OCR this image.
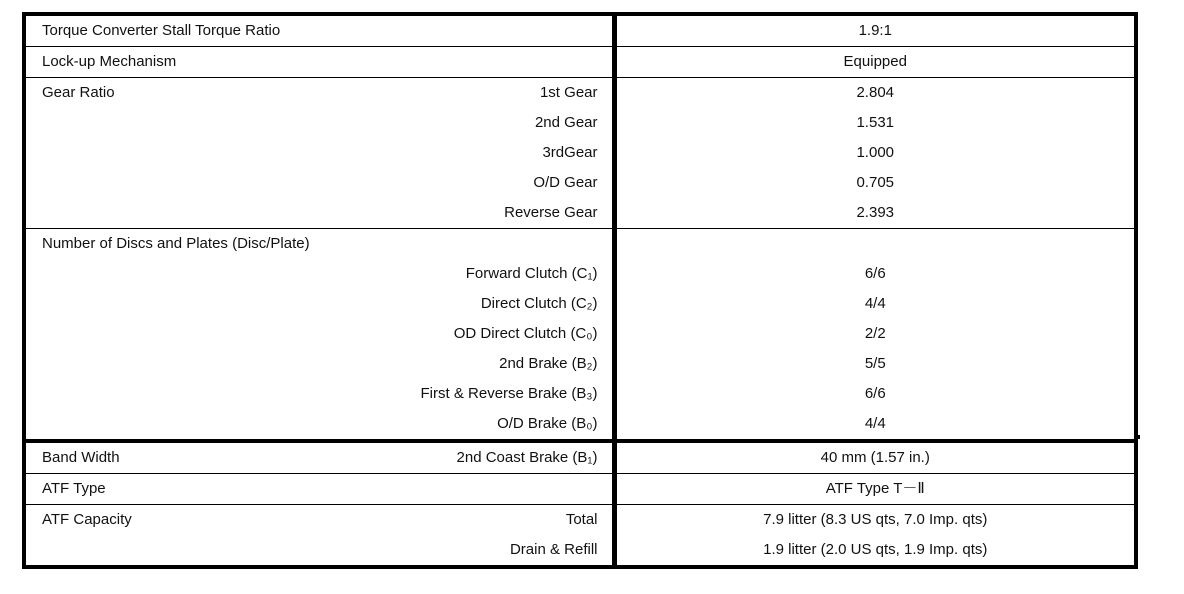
Torque Converter Stall Torque Ratio		1.9:1
Lock-up Mechanism		Equipped
Gear Ratio	1st Gear	2.804
	2nd Gear	1.531
	3rdGear	1.000
	O/D Gear	0.705
	Reverse Gear	2.393
Number of Discs and Plates (Disc/Plate)		
	Forward Clutch (C₁)	6/6
	Direct Clutch (C₂)	4/4
	OD Direct Clutch (C₀)	2/2
	2nd Brake (B₂)	5/5
	First & Reverse Brake (B₃)	6/6
	O/D Brake (B₀)	4/4
Band Width	2nd Coast Brake (B₁)	40 mm (1.57 in.)
ATF Type		ATF Type T－Ⅱ
ATF Capacity	Total	7.9 litter (8.3 US qts, 7.0 Imp. qts)
	Drain & Refill	1.9 litter (2.0 US qts, 1.9 Imp. qts)
